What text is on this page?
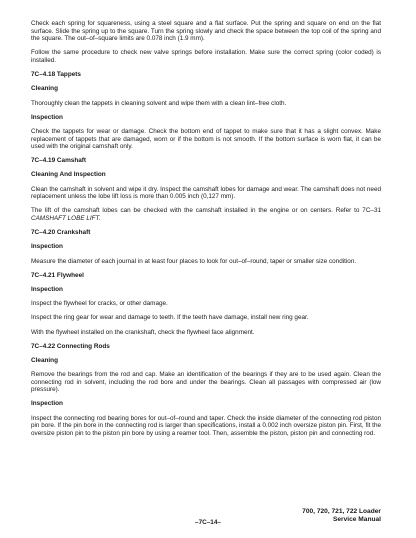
Check each spring for squareness, using a steel square and a flat surface. Put the spring and square on end on the flat surface. Slide the spring up to the square. Turn the spring slowly and check the space between the top coil of the spring and the square. The out–of–square limits are 0.078 inch (1.9 mm).

Follow the same procedure to check new valve springs before installation. Make sure the correct spring (color coded) is installed.

7C–4.18 Tappets

Cleaning

Thoroughly clean the tappets in cleaning solvent and wipe them with a clean lint–free cloth.

Inspection

Check the tappets for wear or damage. Check the bottom end of tappet to make sure that it has a slight convex. Make replacement of tappets that are damaged, worn or if the bottom is not smooth. If the bottom surface is worn flat, it can be used with the original camshaft only.

7C–4.19 Camshaft

Cleaning And Inspection

Clean the camshaft in solvent and wipe it dry. Inspect the camshaft lobes for damage and wear. The camshaft does not need replacement unless the lobe lift loss is more than 0.005 inch (0,127 mm).

The lift of the camshaft lobes can be checked with the camshaft installed in the engine or on centers. Refer to 7C–31 CAMSHAFT LOBE LIFT.

7C–4.20 Crankshaft

Inspection

Measure the diameter of each journal in at least four places to look for out–of–round, taper or smaller size condition.

7C–4.21 Flywheel

Inspection

Inspect the flywheel for cracks, or other damage.

Inspect the ring gear for wear and damage to teeth. If the teeth have damage, install new ring gear.

With the flywheel installed on the crankshaft, check the flywheel face alignment.

7C–4.22 Connecting Rods

Cleaning

Remove the bearings from the rod and cap. Make an identification of the bearings if they are to be used again. Clean the connecting rod in solvent, including the rod bore and under the bearings. Clean all passages with compressed air (low pressure).

Inspection

Inspect the connecting rod bearing bores for out–of–round and taper. Check the inside diameter of the connecting rod piston pin bore. If the pin bore in the connecting rod is larger than specifications, install a 0.002 inch oversize piston pin. First, fit the oversize piston pin to the piston pin bore by using a reamer tool. Then, assemble the piston, piston pin and connecting rod.

–7C–14–
700, 720, 721, 722 Loader
Service Manual
